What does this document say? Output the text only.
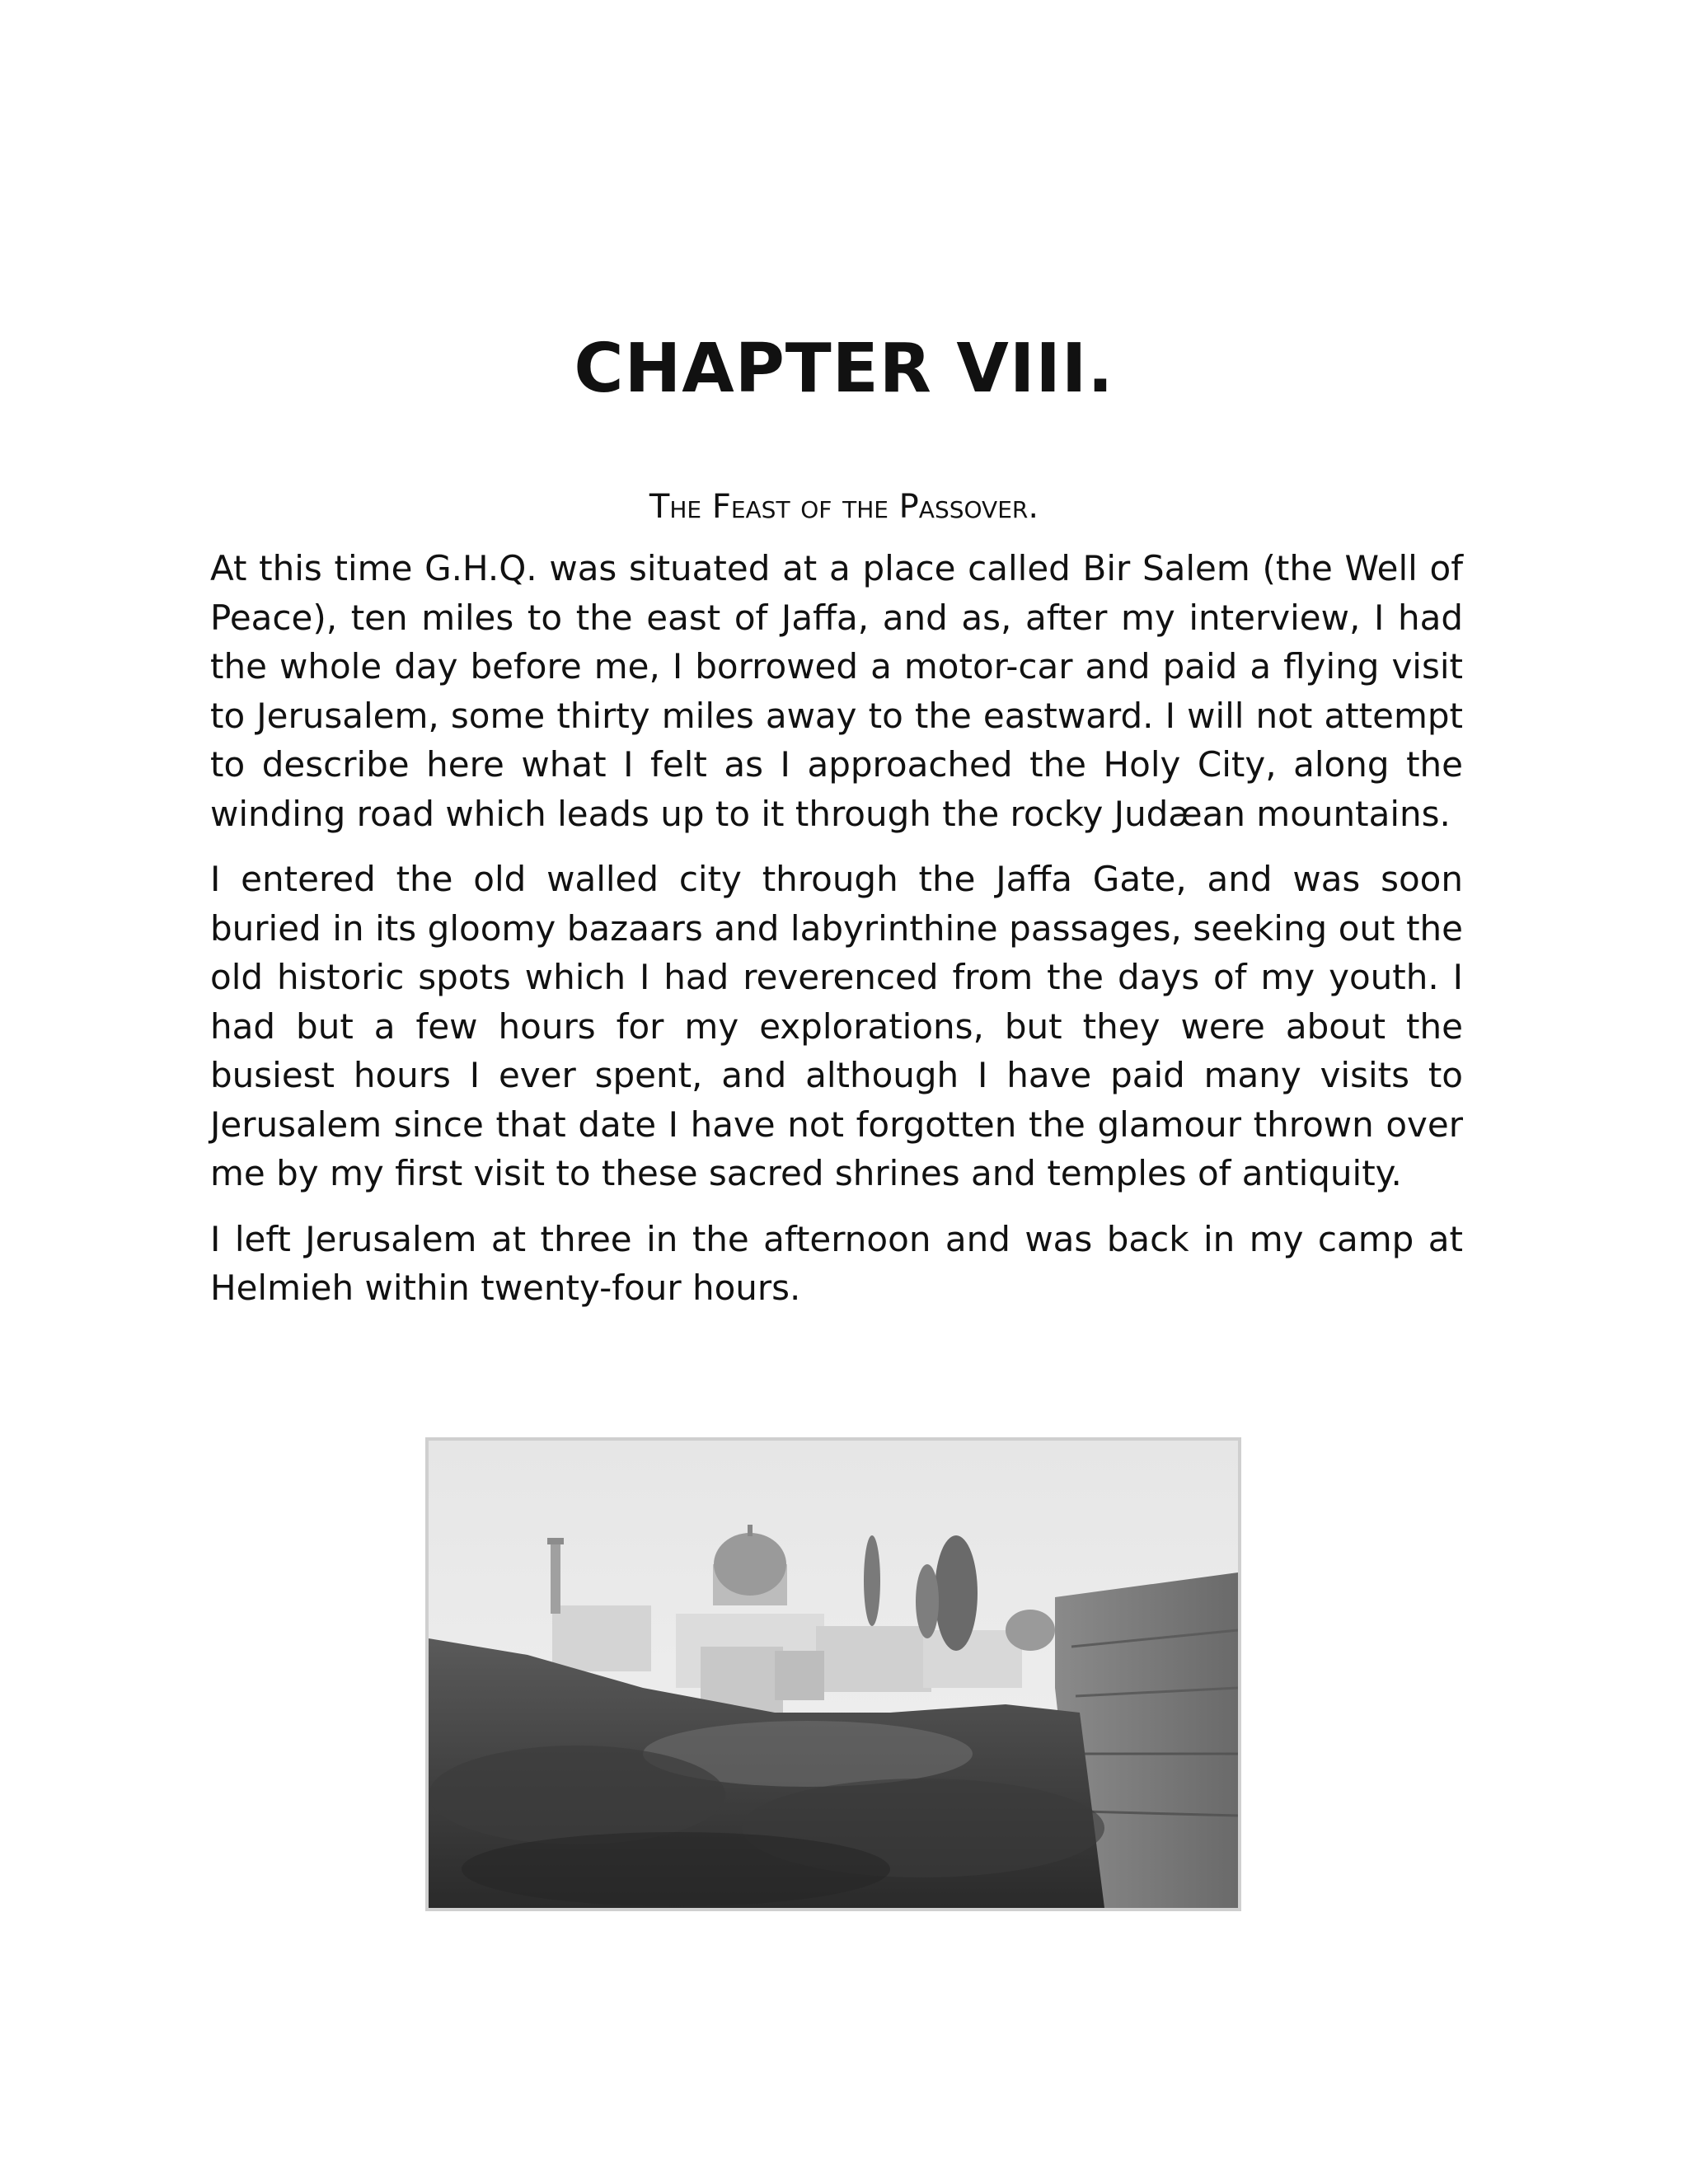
CHAPTER VIII.
The Feast of the Passover.

At this time G.H.Q. was situated at a place called Bir Salem (the Well of Peace), ten miles to the east of Jaffa, and as, after my interview, I had the whole day before me, I borrowed a motor-car and paid a flying visit to Jerusalem, some thirty miles away to the eastward. I will not attempt to describe here what I felt as I approached the Holy City, along the winding road which leads up to it through the rocky Judæan mountains.

I entered the old walled city through the Jaffa Gate, and was soon buried in its gloomy bazaars and labyrinthine passages, seeking out the old historic spots which I had reverenced from the days of my youth. I had but a few hours for my explorations, but they were about the busiest hours I ever spent, and although I have paid many visits to Jerusalem since that date I have not forgotten the glamour thrown over me by my first visit to these sacred shrines and temples of antiquity.

I left Jerusalem at three in the afternoon and was back in my camp at Helmieh within twenty-four hours.
